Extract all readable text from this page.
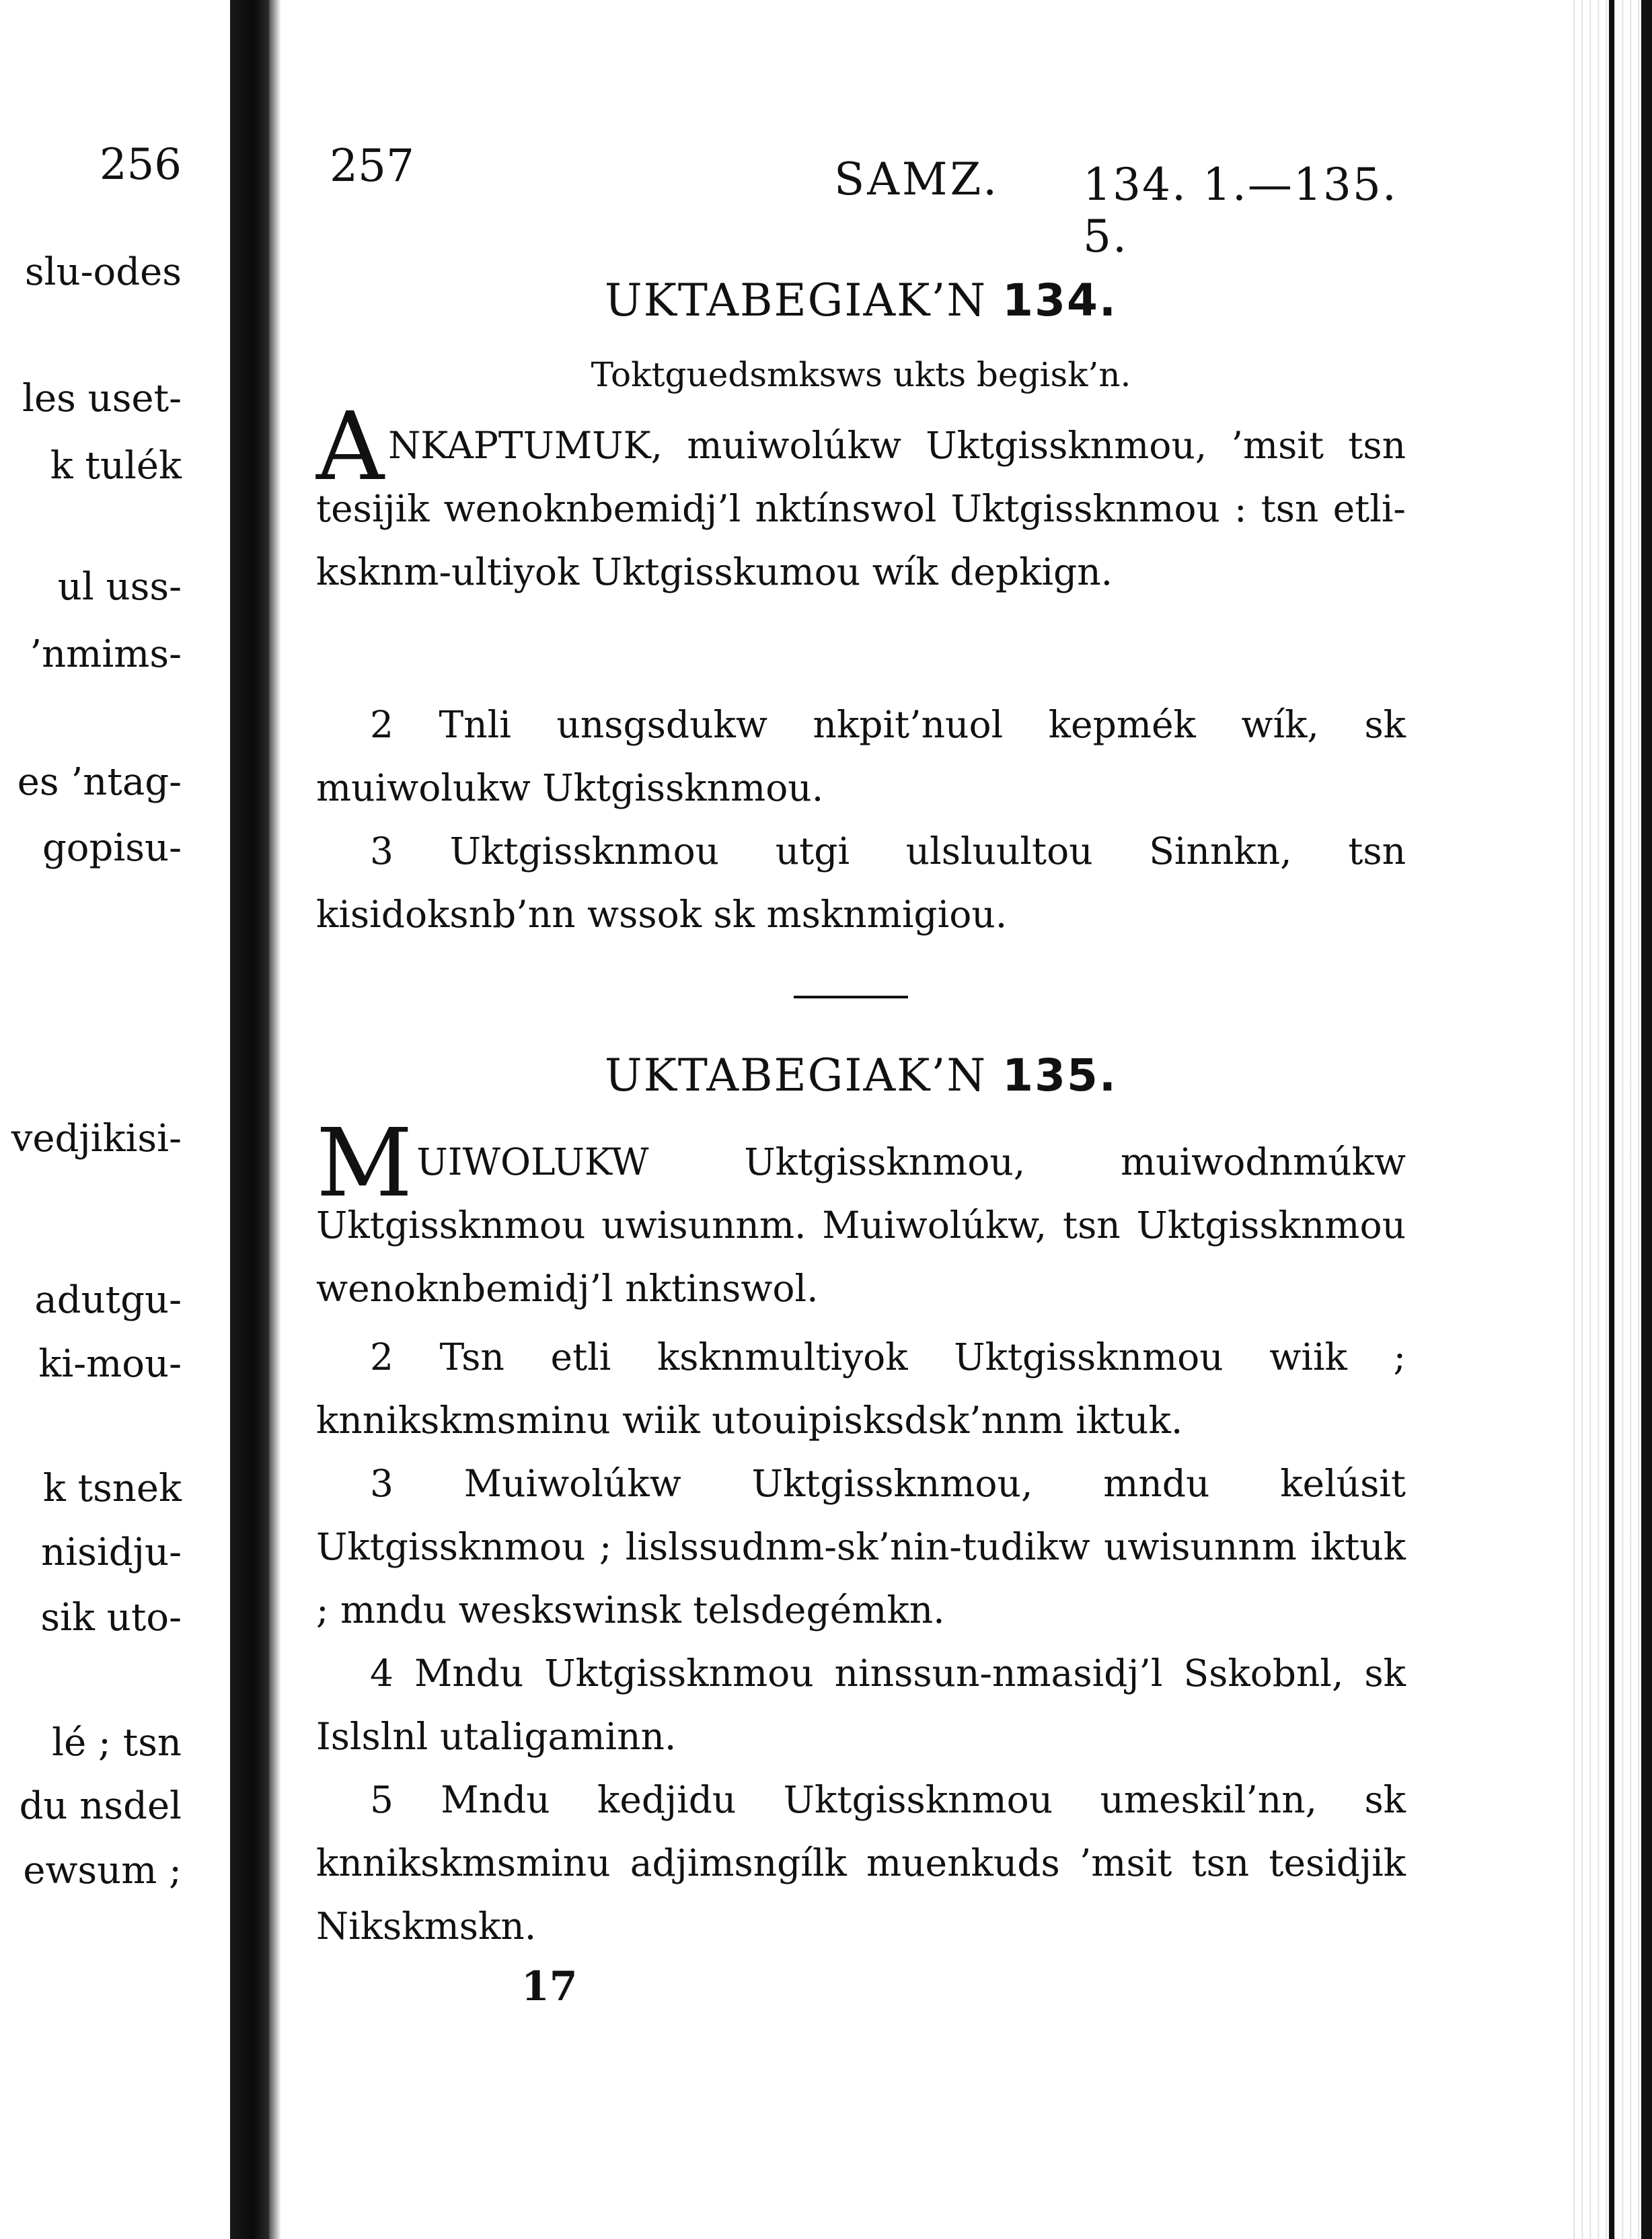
256
slu-odes
les uset-
k tulék
ul uss-
’nmims-
es ’ntag-
gopisu-
vedjikisi-
adutgu-
ki-mou-
k tsnek
nisidju-
sik uto-
lé ; tsn
du nsdel
ewsum ;
257	SAMZ. 134. 1.—135. 5.
UKTABEGIAK’N 134.
Toktguedsmksws ukts begisk’n.
ANKAPTUMUK, muiwolúkw Uktgissknmou, ’msit tsn tesijik wenoknbemidj’l nktínswol Uktgissknmou : tsn etli-ksknm-ultiyok Uktgisskumou wík depkign.
2 Tnli unsgsdukw nkpit’nuol kepmék wík, sk muiwolukw Uktgissknmou.
3 Uktgissknmou utgi ulsluultou Sinnkn, tsn kisidoksnb’nn wssok sk msknmigiou.
UKTABEGIAK’N 135.
MUIWOLUKW Uktgissknmou, muiwodnmúkw Uktgissknmou uwisunnm. Muiwolúkw, tsn Uktgissknmou wenoknbemidj’l nktinswol.
2 Tsn etli ksknmultiyok Uktgissknmou wiik ; knnikskmsminu wiik utouipisksdsk’nnm iktuk.
3 Muiwolúkw Uktgissknmou, mndu kelúsit Uktgissknmou ; lislssudnm-sk’nin-tudikw uwisunnm iktuk ; mndu weskswinsk telsdegémkn.
4 Mndu Uktgissknmou ninssun-nmasidj’l Sskobnl, sk Islslnl utaligaminn.
5 Mndu kedjidu Uktgissknmou umeskil’nn, sk knnikskmsminu adjimsngílk muenkuds ’msit tsn tesidjik Nikskmskn.
17
